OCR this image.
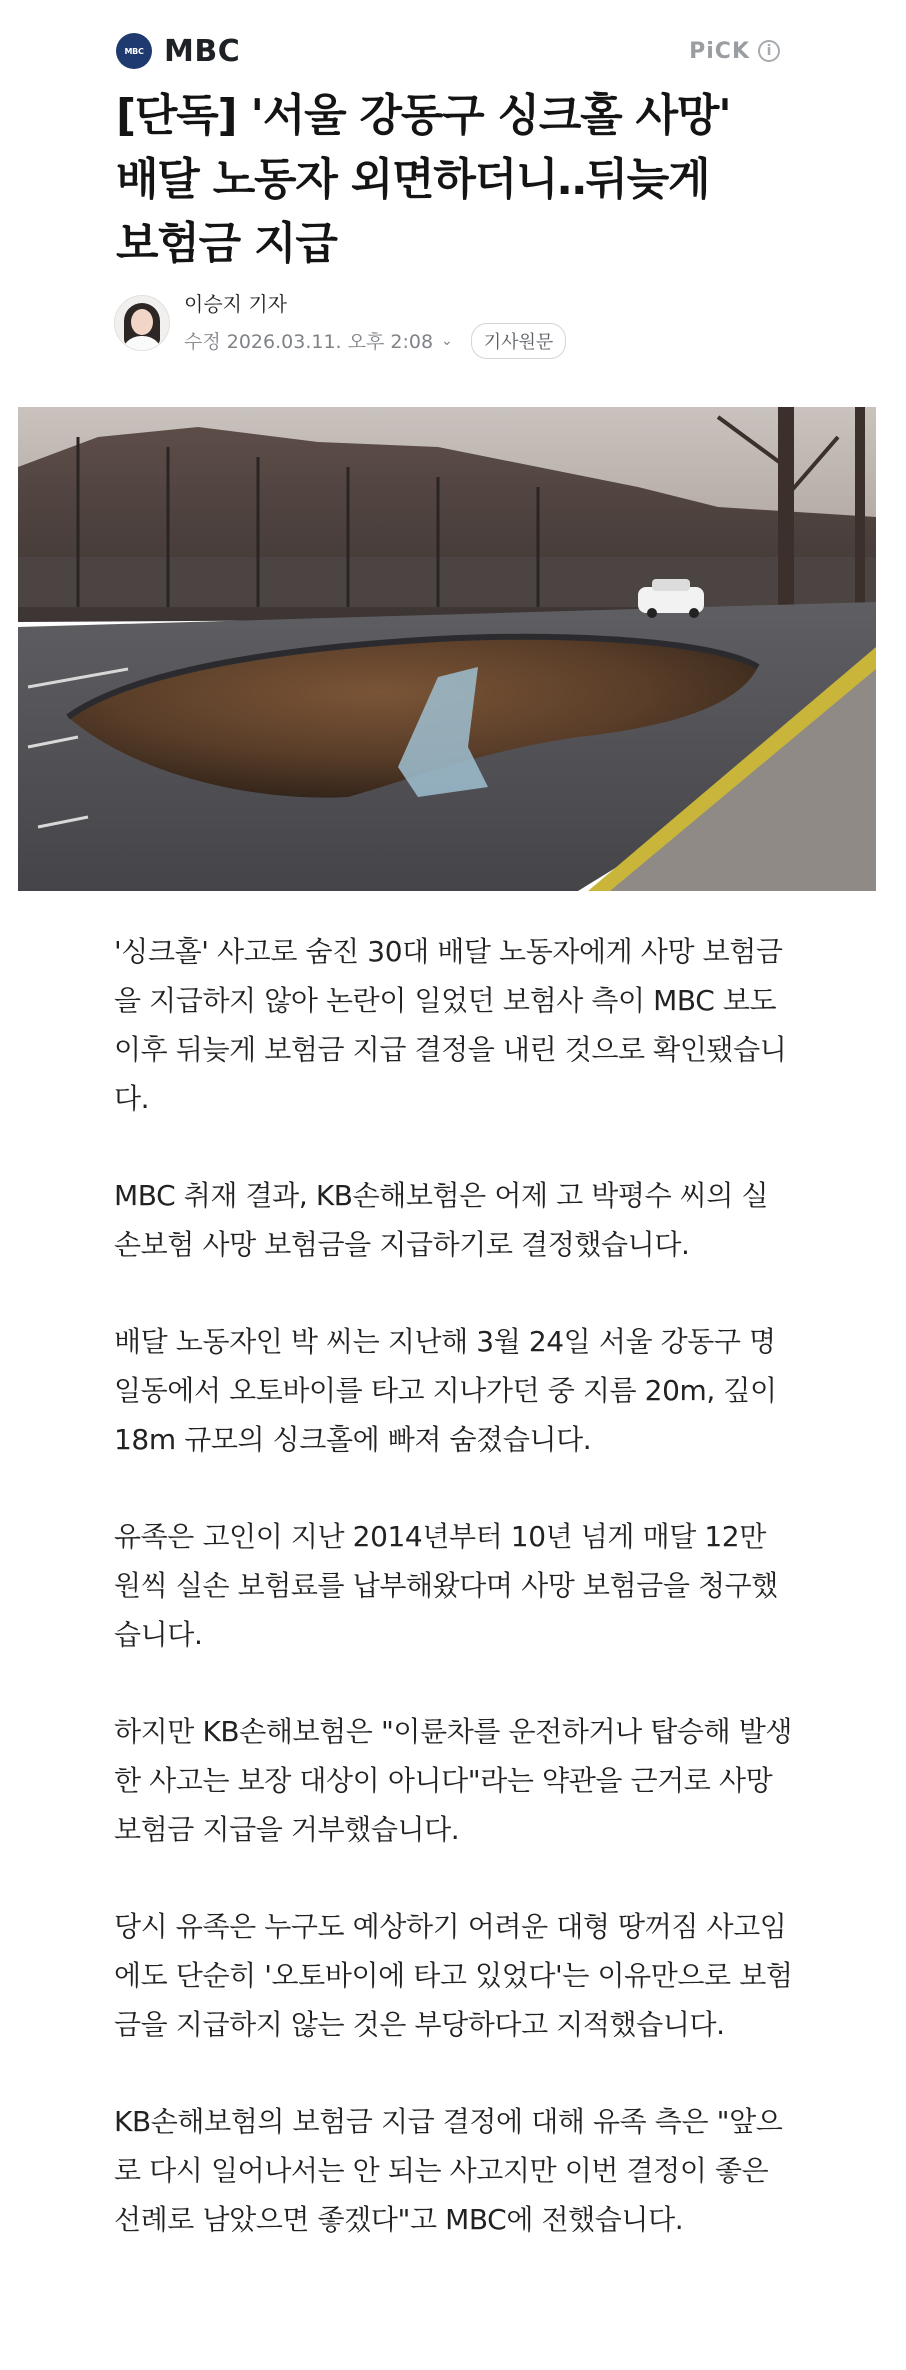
MBC MBC	PiCK	i
[단독] '서울 강동구 싱크홀 사망' 배달 노동자 외면하더니‥뒤늦게 보험금 지급
이승지 기자
수정 2026.03.11. 오후 2:08 ⌄	기사원문

'싱크홀' 사고로 숨진 30대 배달 노동자에게 사망 보험금을 지급하지 않아 논란이 일었던 보험사 측이 MBC 보도 이후 뒤늦게 보험금 지급 결정을 내린 것으로 확인됐습니다.

MBC 취재 결과, KB손해보험은 어제 고 박평수 씨의 실손보험 사망 보험금을 지급하기로 결정했습니다.

배달 노동자인 박 씨는 지난해 3월 24일 서울 강동구 명일동에서 오토바이를 타고 지나가던 중 지름 20m, 깊이 18m 규모의 싱크홀에 빠져 숨졌습니다.

유족은 고인이 지난 2014년부터 10년 넘게 매달 12만 원씩 실손 보험료를 납부해왔다며 사망 보험금을 청구했습니다.

하지만 KB손해보험은 "이륜차를 운전하거나 탑승해 발생한 사고는 보장 대상이 아니다"라는 약관을 근거로 사망 보험금 지급을 거부했습니다.

당시 유족은 누구도 예상하기 어려운 대형 땅꺼짐 사고임에도 단순히 '오토바이에 타고 있었다'는 이유만으로 보험금을 지급하지 않는 것은 부당하다고 지적했습니다.

KB손해보험의 보험금 지급 결정에 대해 유족 측은 "앞으로 다시 일어나서는 안 되는 사고지만 이번 결정이 좋은 선례로 남았으면 좋겠다"고 MBC에 전했습니다.
